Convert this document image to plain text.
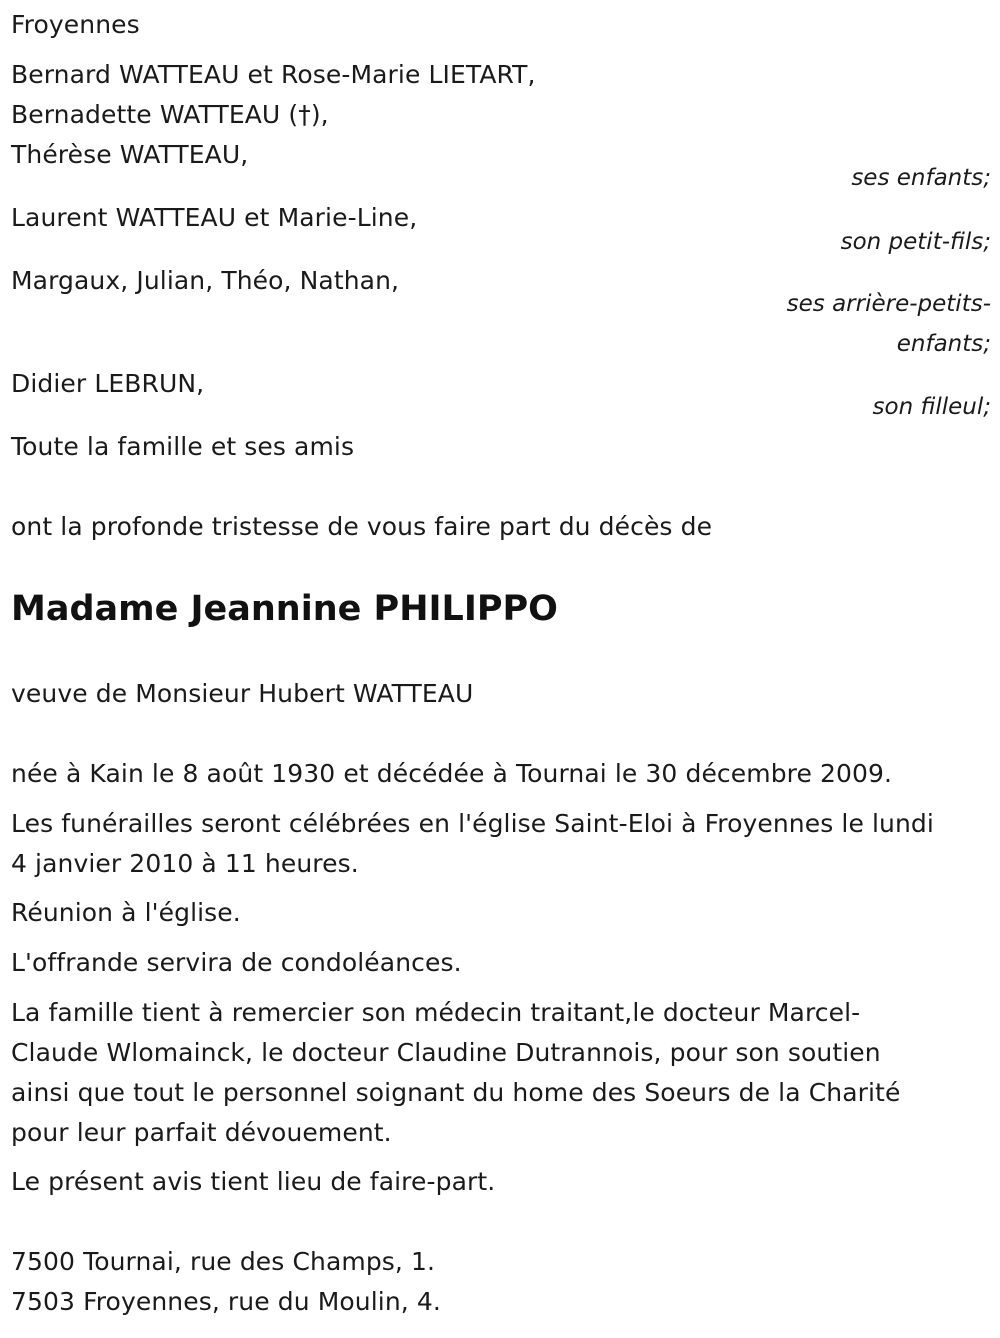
Froyennes
Bernard WATTEAU et Rose-Marie LIETART,
Bernadette WATTEAU (†),
Thérèse WATTEAU,
ses enfants;
Laurent WATTEAU et Marie-Line,
son petit-fils;
Margaux, Julian, Théo, Nathan,
ses arrière-petits-
enfants;
Didier LEBRUN,
son filleul;
Toute la famille et ses amis
ont la profonde tristesse de vous faire part du décès de
Madame Jeannine PHILIPPO
veuve de Monsieur Hubert WATTEAU
née à Kain le 8 août 1930 et décédée à Tournai le 30 décembre 2009.
Les funérailles seront célébrées en l'église Saint-Eloi à Froyennes le lundi
4 janvier 2010 à 11 heures.
Réunion à l'église.
L'offrande servira de condoléances.
La famille tient à remercier son médecin traitant,le docteur Marcel-
Claude Wlomainck, le docteur Claudine Dutrannois, pour son soutien
ainsi que tout le personnel soignant du home des Soeurs de la Charité
pour leur parfait dévouement.
Le présent avis tient lieu de faire-part.
7500 Tournai, rue des Champs, 1.
7503 Froyennes, rue du Moulin, 4.
